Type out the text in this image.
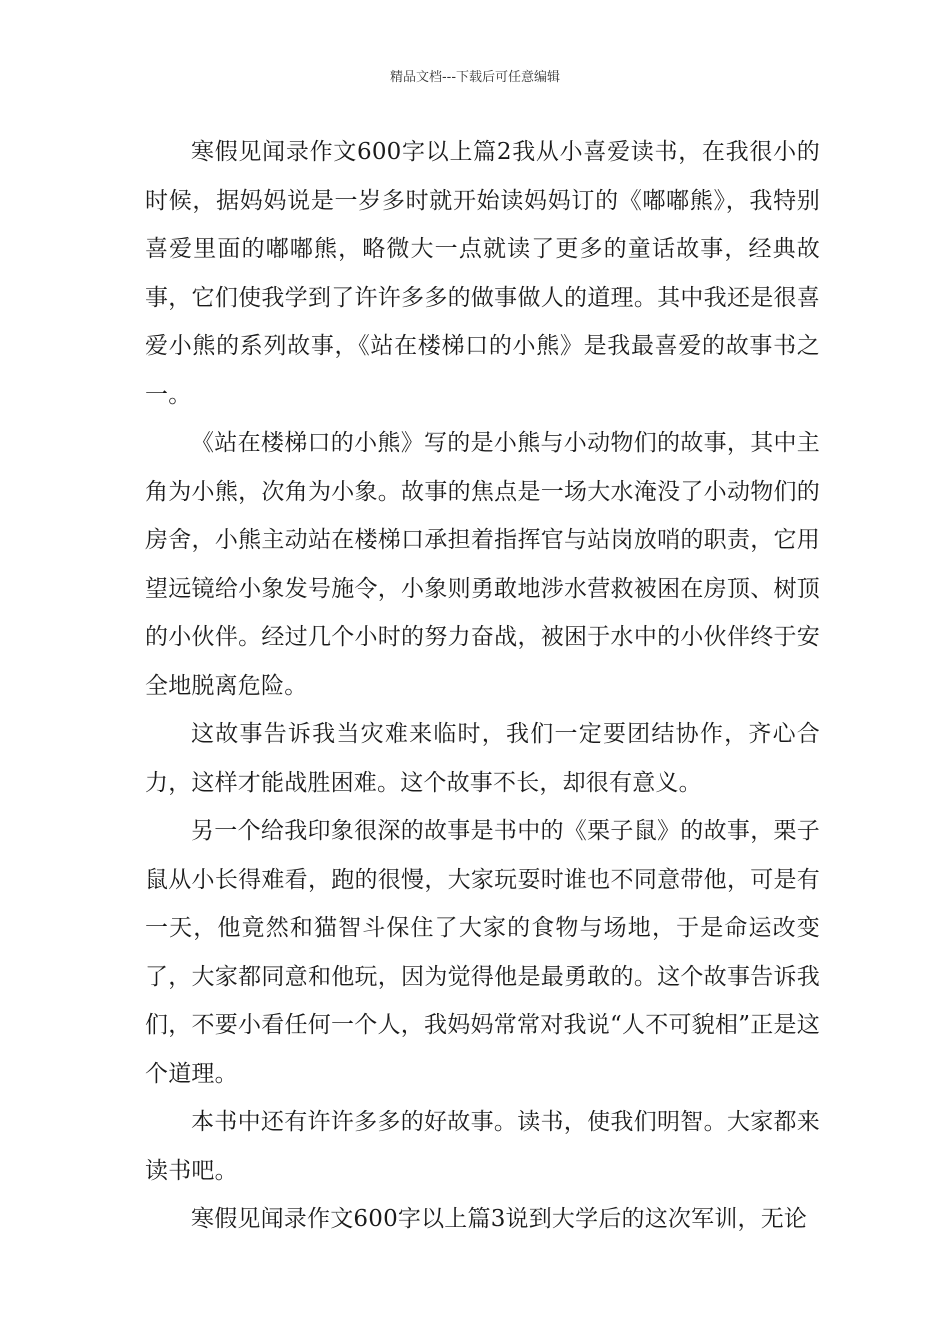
精品文档---下载后可任意编辑

寒假见闻录作文600字以上篇2我从小喜爱读书，在我很小的时候，据妈妈说是一岁多时就开始读妈妈订的《嘟嘟熊》，我特别喜爱里面的嘟嘟熊，略微大一点就读了更多的童话故事，经典故事，它们使我学到了许许多多的做事做人的道理。其中我还是很喜爱小熊的系列故事，《站在楼梯口的小熊》是我最喜爱的故事书之一。

《站在楼梯口的小熊》写的是小熊与小动物们的故事，其中主角为小熊，次角为小象。故事的焦点是一场大水淹没了小动物们的房舍，小熊主动站在楼梯口承担着指挥官与站岗放哨的职责，它用望远镜给小象发号施令，小象则勇敢地涉水营救被困在房顶、树顶的小伙伴。经过几个小时的努力奋战，被困于水中的小伙伴终于安全地脱离危险。

这故事告诉我当灾难来临时，我们一定要团结协作，齐心合力，这样才能战胜困难。这个故事不长，却很有意义。

另一个给我印象很深的故事是书中的《栗子鼠》的故事，栗子鼠从小长得难看，跑的很慢，大家玩耍时谁也不同意带他，可是有一天，他竟然和猫智斗保住了大家的食物与场地，于是命运改变了，大家都同意和他玩，因为觉得他是最勇敢的。这个故事告诉我们，不要小看任何一个人，我妈妈常常对我说“人不可貌相”正是这个道理。

本书中还有许许多多的好故事。读书，使我们明智。大家都来读书吧。

寒假见闻录作文600字以上篇3说到大学后的这次军训，无论
